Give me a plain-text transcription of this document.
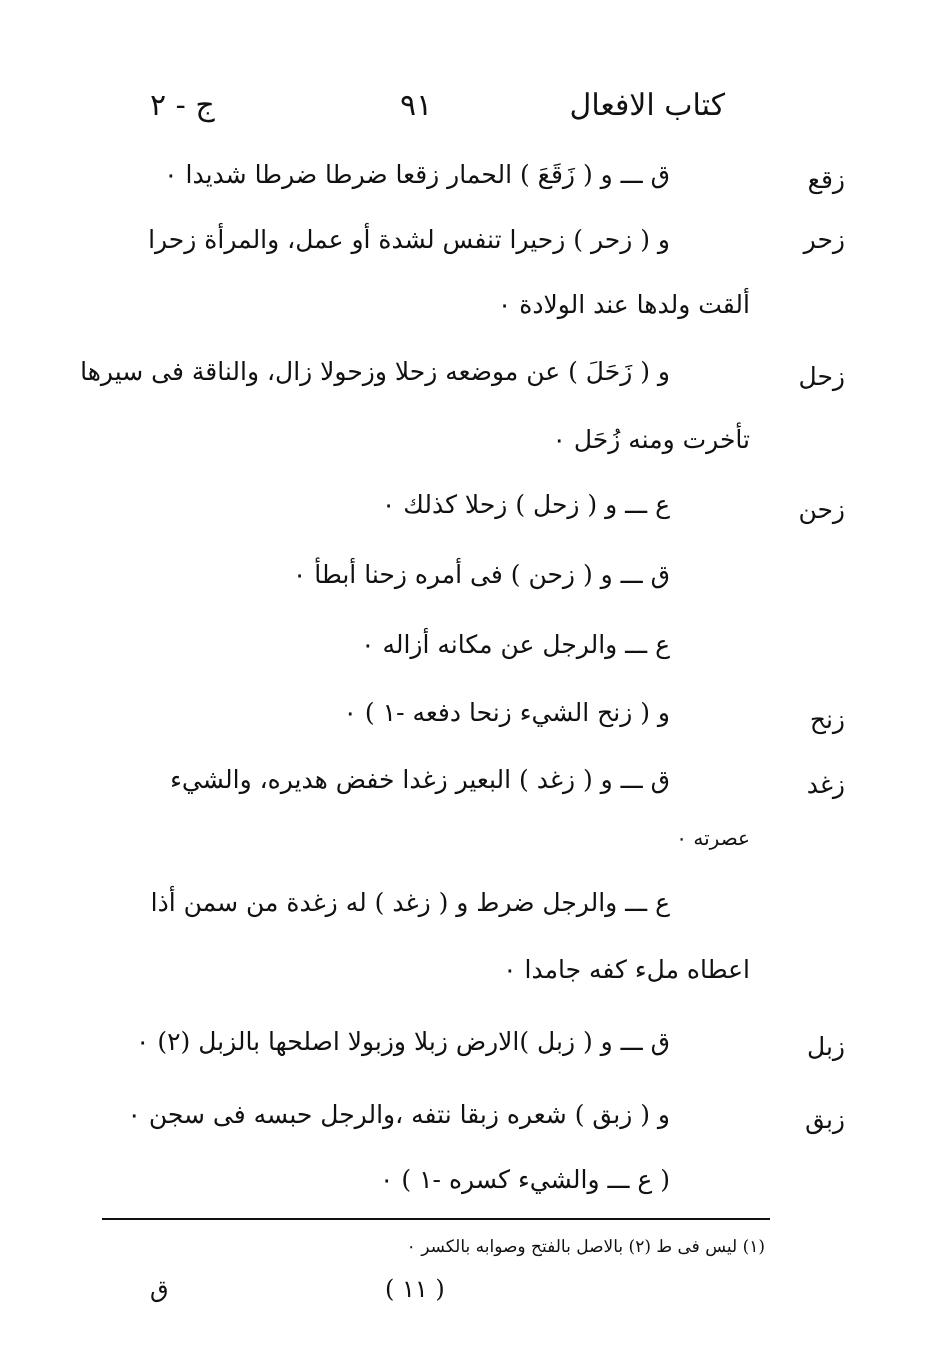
كتاب الافعال
٩١
ج - ٢
زقع
ق ـــ و ( زَقَعَ ) الحمار زقعا ضرطا ضرطا شديدا ٠
زحر
و ( زحر ) زحيرا تنفس لشدة أو عمل، والمرأة زحرا
ألقت ولدها عند الولادة ٠
زحل
و ( زَحَلَ ) عن موضعه زحلا وزحولا زال، والناقة فى سيرها
تأخرت ومنه زُحَل ٠
زحن
ع ـــ و ( زحل ) زحلا كذلك ٠
ق ـــ و ( زحن ) فى أمره زحنا أبطأ ٠
ع ـــ والرجل عن مكانه أزاله ٠
زنح
و ( زنح الشيء زنحا دفعه -١ ) ٠
زغد
ق ـــ و ( زغد ) البعير زغدا خفض هديره، والشيء
عصرته ٠
ع ـــ والرجل ضرط و ( زغد ) له زغدة من سمن أذا
اعطاه ملء كفه جامدا ٠
زبل
ق ـــ و ( زبل )الارض زبلا وزبولا اصلحها بالزبل (٢) ٠
زبق
و ( زبق ) شعره زبقا نتفه ،والرجل حبسه فى سجن ٠
( ع ـــ والشيء كسره -١ ) ٠
(١) ليس فى ط (٢) بالاصل بالفتح وصوابه بالكسر ٠
( ١١ )
ق
